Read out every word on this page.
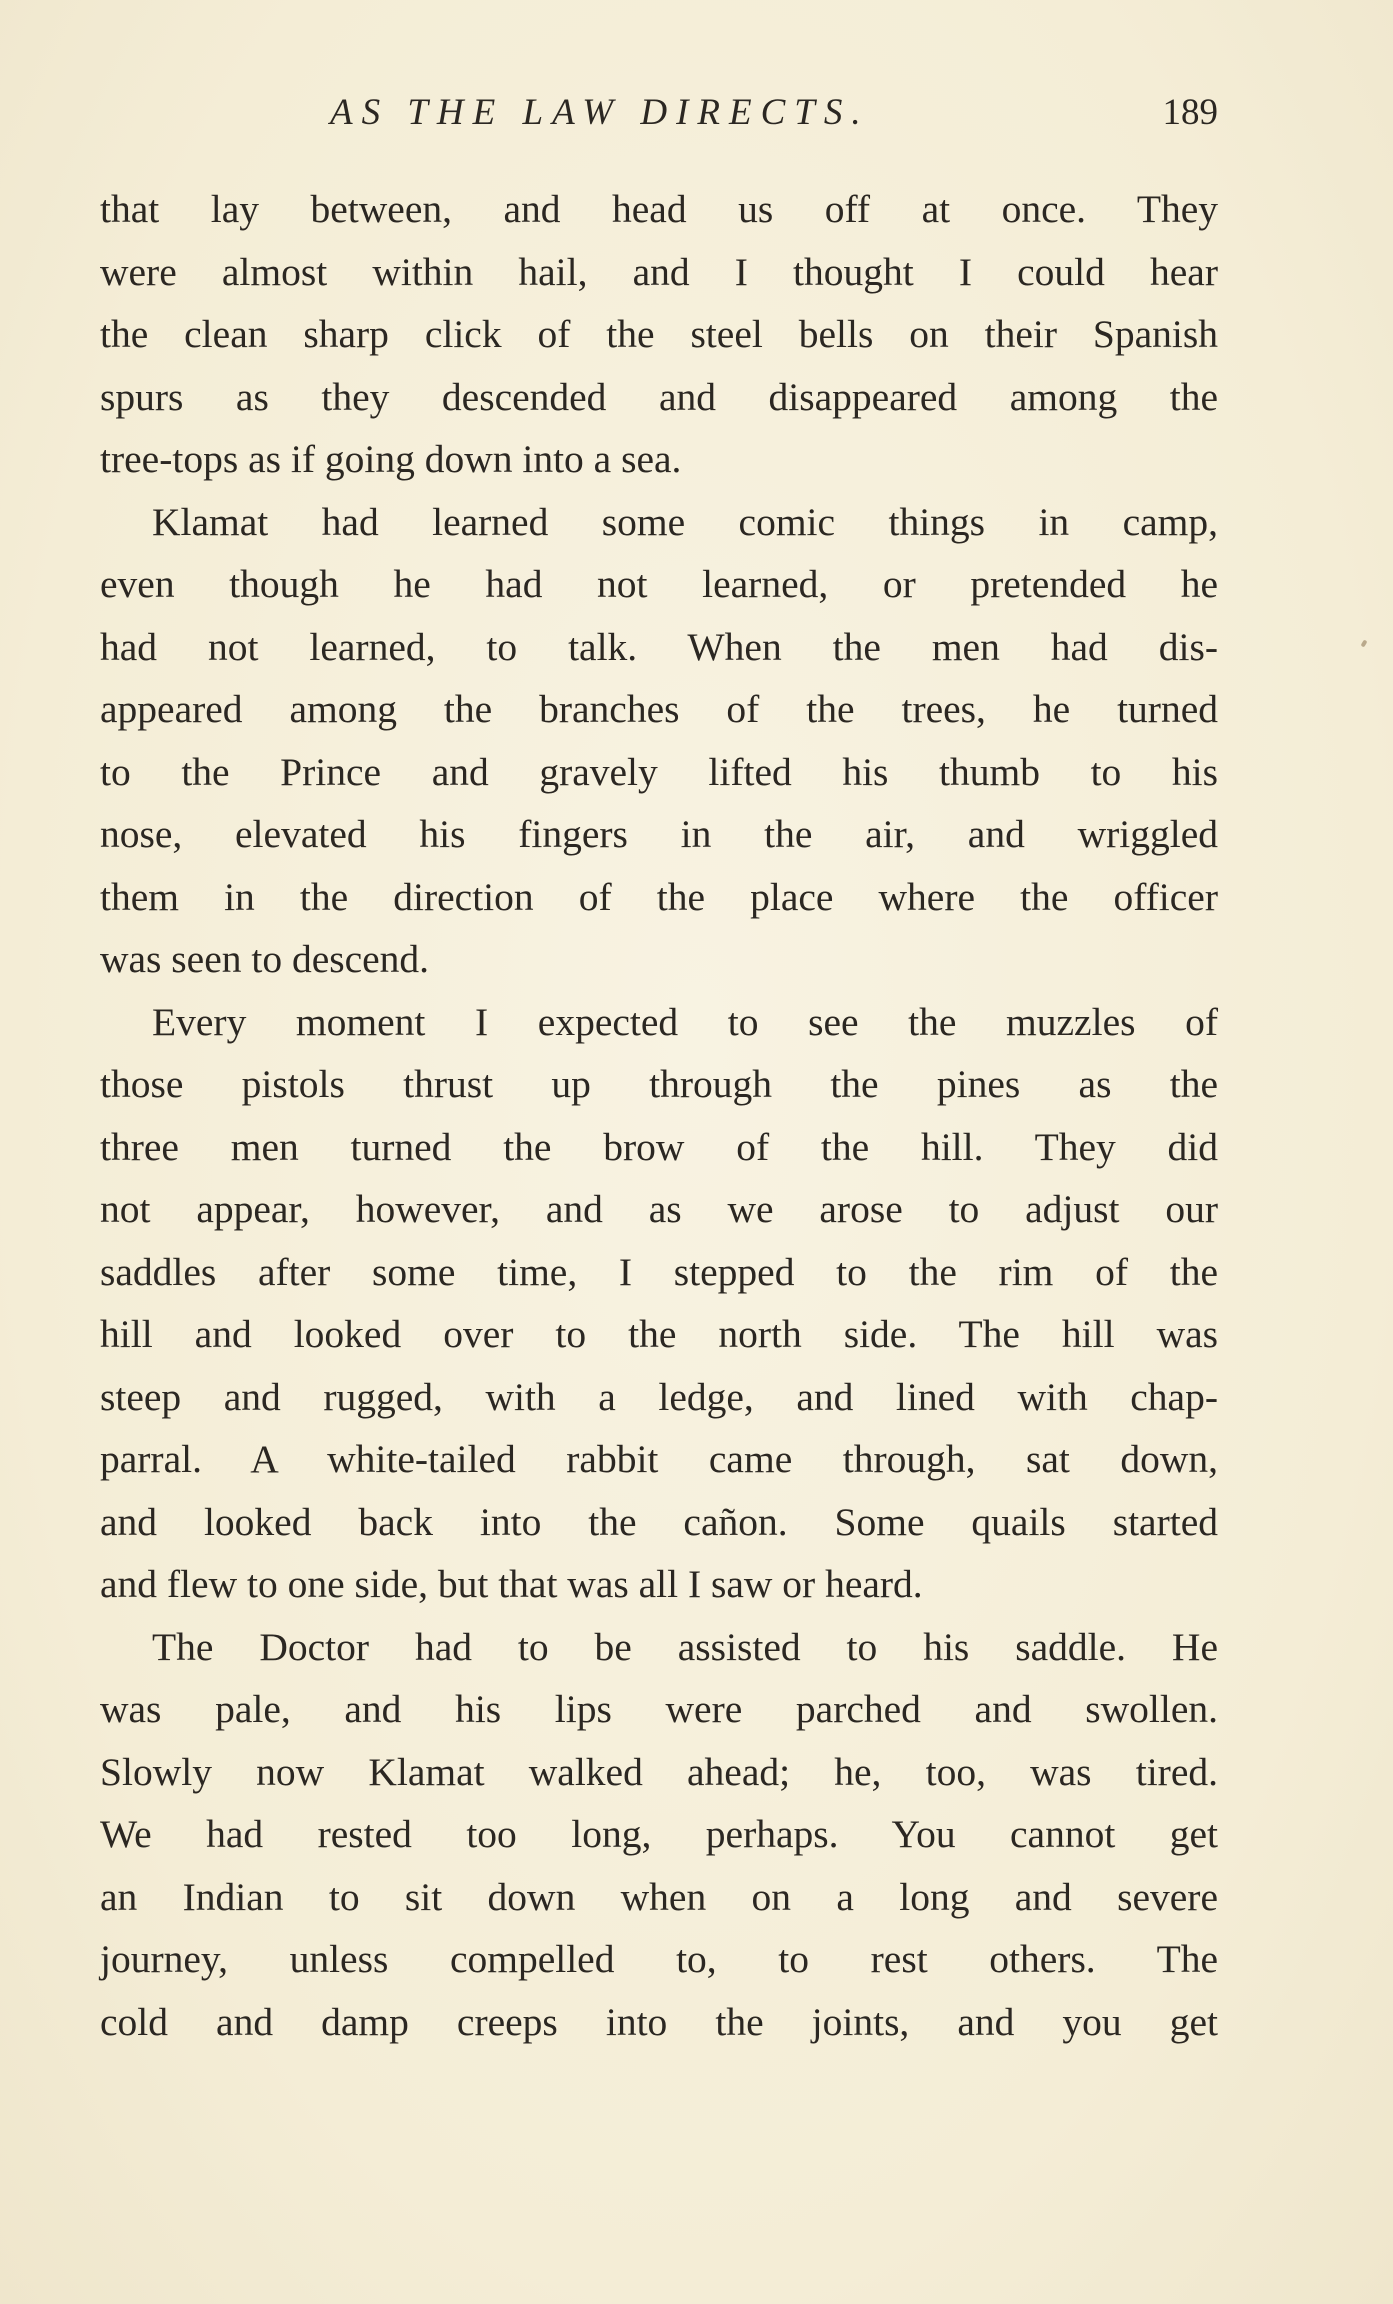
AS THE LAW DIRECTS.	189
that lay between, and head us off at once. They
were almost within hail, and I thought I could hear
the clean sharp click of the steel bells on their Spanish
spurs as they descended and disappeared among the
tree-tops as if going down into a sea.
Klamat had learned some comic things in camp,
even though he had not learned, or pretended he
had not learned, to talk. When the men had dis-
appeared among the branches of the trees, he turned
to the Prince and gravely lifted his thumb to his
nose, elevated his fingers in the air, and wriggled
them in the direction of the place where the officer
was seen to descend.
Every moment I expected to see the muzzles of
those pistols thrust up through the pines as the
three men turned the brow of the hill. They did
not appear, however, and as we arose to adjust our
saddles after some time, I stepped to the rim of the
hill and looked over to the north side. The hill was
steep and rugged, with a ledge, and lined with chap-
parral. A white-tailed rabbit came through, sat down,
and looked back into the cañon. Some quails started
and flew to one side, but that was all I saw or heard.
The Doctor had to be assisted to his saddle. He
was pale, and his lips were parched and swollen.
Slowly now Klamat walked ahead; he, too, was tired.
We had rested too long, perhaps. You cannot get
an Indian to sit down when on a long and severe
journey, unless compelled to, to rest others. The
cold and damp creeps into the joints, and you get
